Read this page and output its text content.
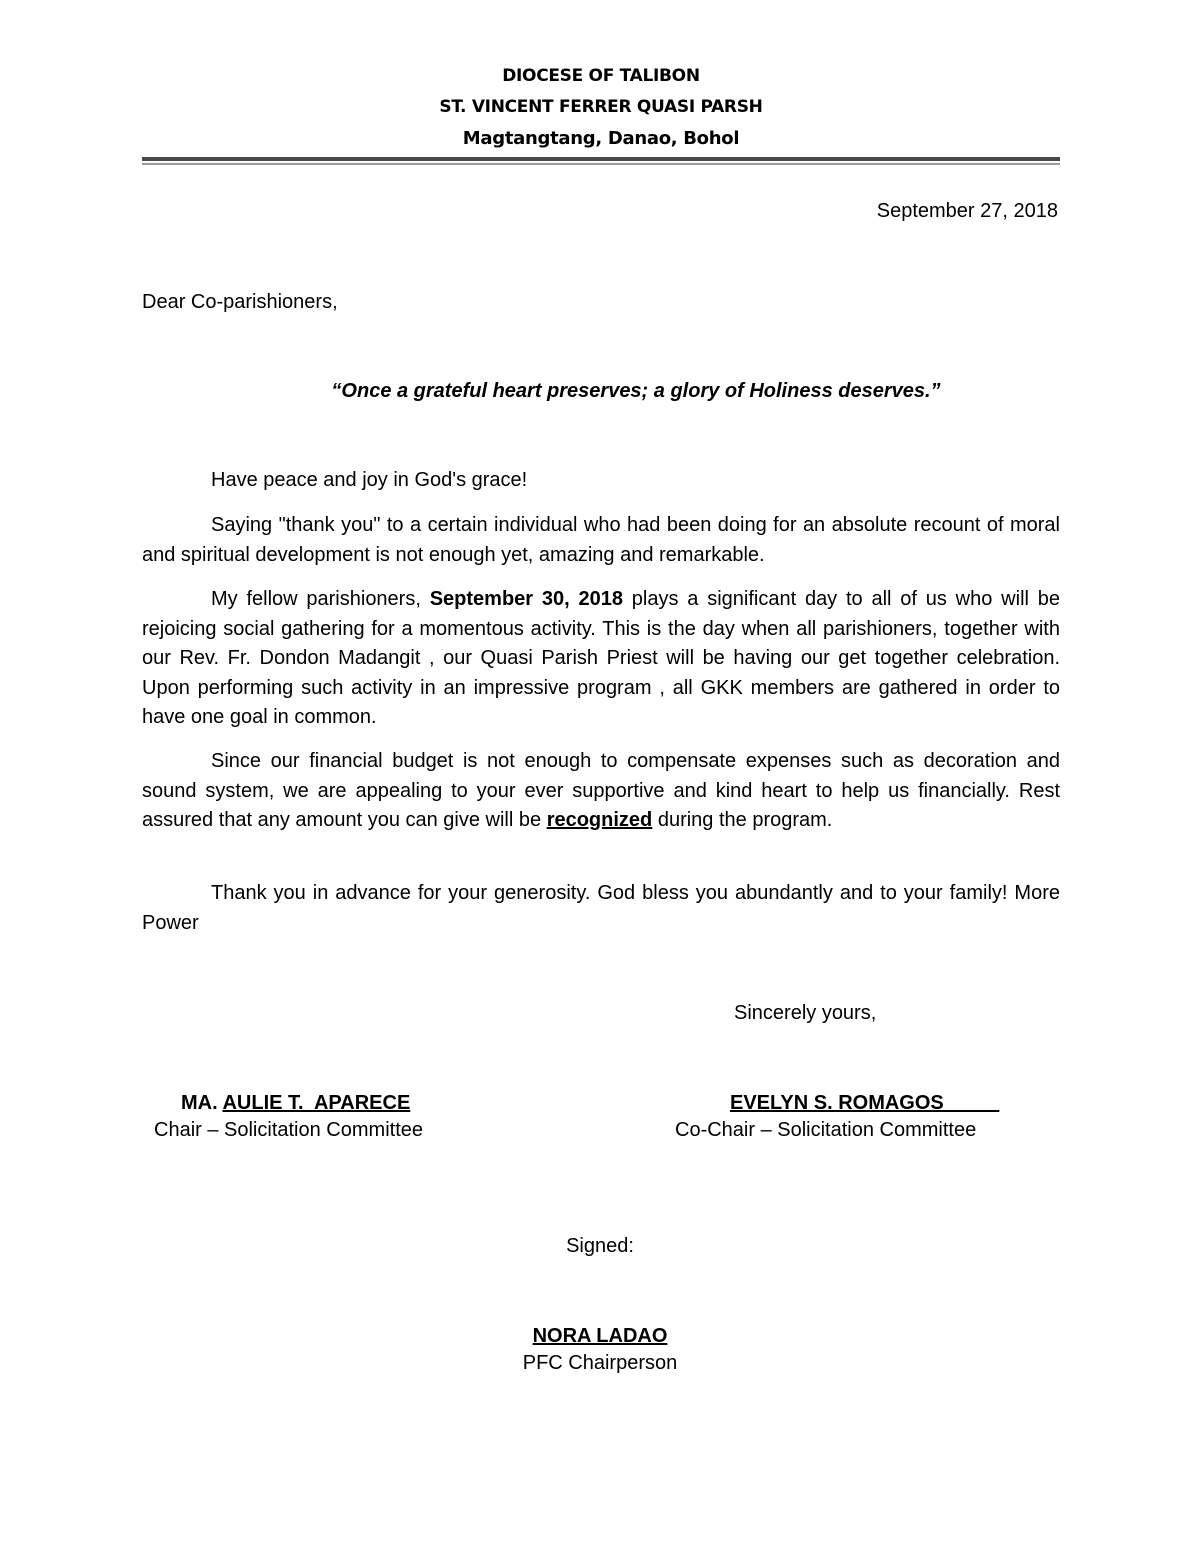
DIOCESE OF TALIBON
ST. VINCENT FERRER QUASI PARSH
Magtangtang, Danao, Bohol
September 27, 2018
Dear Co-parishioners,
“Once a grateful heart preserves; a glory of Holiness deserves.”
Have peace and joy in God's grace!
Saying "thank you" to a certain individual who had been doing for an absolute recount of moral and spiritual development is not enough yet, amazing and remarkable.
My fellow parishioners, September 30, 2018 plays a significant day to all of us who will be rejoicing social gathering for a momentous activity. This is the day when all parishioners, together with our Rev. Fr. Dondon Madangit , our Quasi Parish Priest will be having our get together celebration. Upon performing such activity in an impressive program , all GKK members are gathered in order to have one goal in common.
Since our financial budget is not enough to compensate expenses such as decoration and sound system, we are appealing to your ever supportive and kind heart to help us financially. Rest assured that any amount you can give will be recognized during the program.
Thank you in advance for your generosity. God bless you abundantly and to your family! More Power
Sincerely yours,
MA. AULIE T.  APARECE
Chair – Solicitation Committee
EVELYN S. ROMAGOS
Co-Chair – Solicitation Committee
Signed:
NORA LADAO
PFC Chairperson
